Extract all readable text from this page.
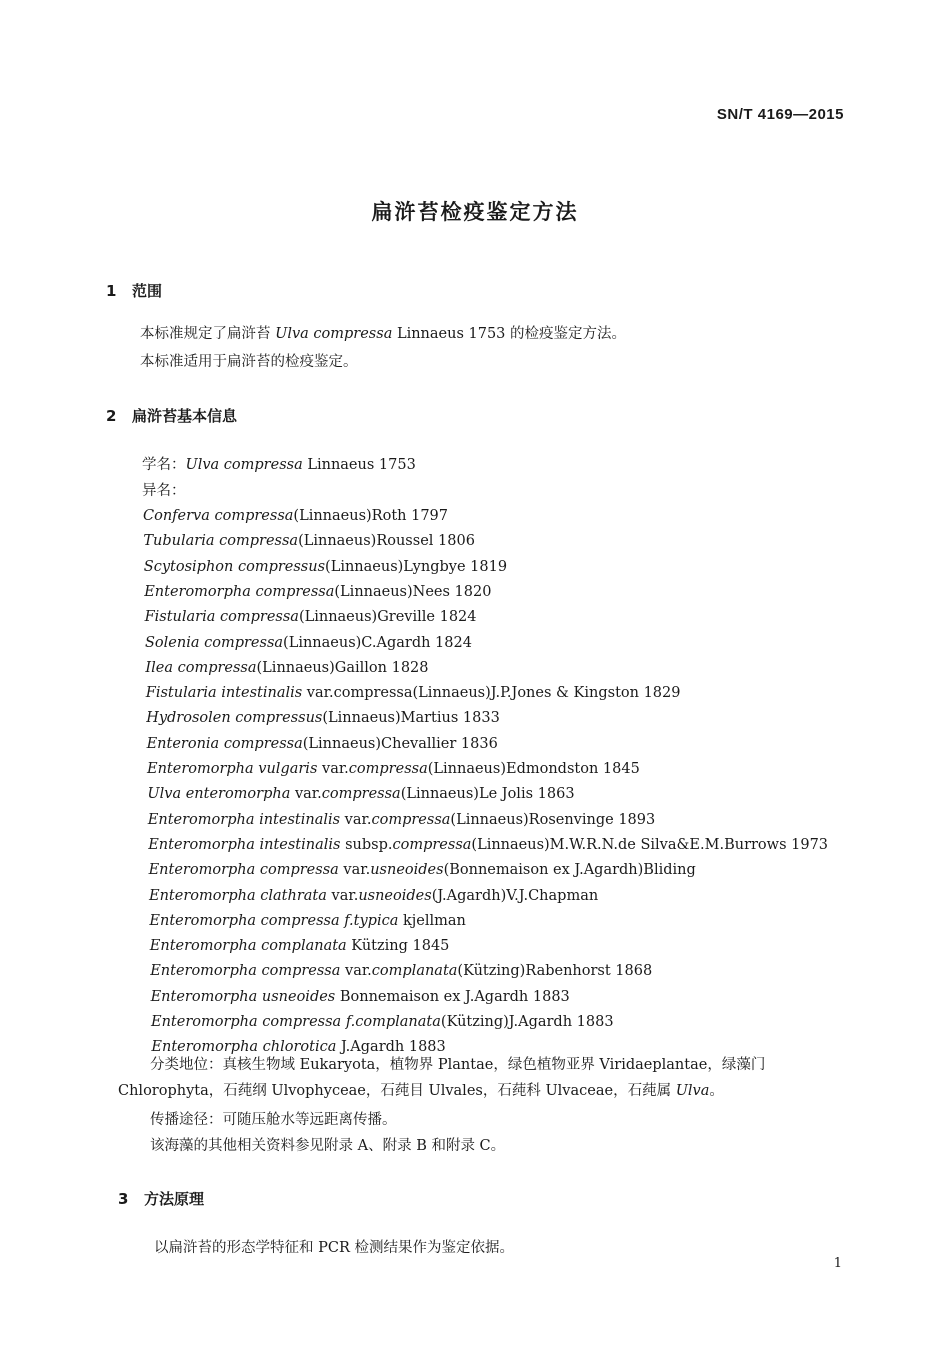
SN/T 4169—2015
扁浒苔检疫鉴定方法
1 范围
本标准规定了扁浒苔 Ulva compressa Linnaeus 1753 的检疫鉴定方法。
本标准适用于扁浒苔的检疫鉴定。
2 扁浒苔基本信息
学名：Ulva compressa Linnaeus 1753
异名：
Conferva compressa(Linnaeus)Roth 1797
Tubularia compressa(Linnaeus)Roussel 1806
Scytosiphon compressus(Linnaeus)Lyngbye 1819
Enteromorpha compressa(Linnaeus)Nees 1820
Fistularia compressa(Linnaeus)Greville 1824
Solenia compressa(Linnaeus)C.Agardh 1824
Ilea compressa(Linnaeus)Gaillon 1828
Fistularia intestinalis var.compressa(Linnaeus)J.P.Jones & Kingston 1829
Hydrosolen compressus(Linnaeus)Martius 1833
Enteronia compressa(Linnaeus)Chevallier 1836
Enteromorpha vulgaris var.compressa(Linnaeus)Edmondston 1845
Ulva enteromorpha var.compressa(Linnaeus)Le Jolis 1863
Enteromorpha intestinalis var.compressa(Linnaeus)Rosenvinge 1893
Enteromorpha intestinalis subsp.compressa(Linnaeus)M.W.R.N.de Silva&E.M.Burrows 1973
Enteromorpha compressa var.usneoides(Bonnemaison ex J.Agardh)Bliding
Enteromorpha clathrata var.usneoides(J.Agardh)V.J.Chapman
Enteromorpha compressa f.typica kjellman
Enteromorpha complanata Kützing 1845
Enteromorpha compressa var.complanata(Kützing)Rabenhorst 1868
Enteromorpha usneoides Bonnemaison ex J.Agardh 1883
Enteromorpha compressa f.complanata(Kützing)J.Agardh 1883
Enteromorpha chlorotica J.Agardh 1883
分类地位：真核生物域 Eukaryota，植物界 Plantae，绿色植物亚界 Viridaeplantae，绿藻门 Chlorophyta，石莼纲 Ulvophyceae，石莼目 Ulvales，石莼科 Ulvaceae，石莼属 Ulva。
传播途径：可随压舱水等远距离传播。
该海藻的其他相关资料参见附录 A、附录 B 和附录 C。
3 方法原理
以扁浒苔的形态学特征和 PCR 检测结果作为鉴定依据。
1
